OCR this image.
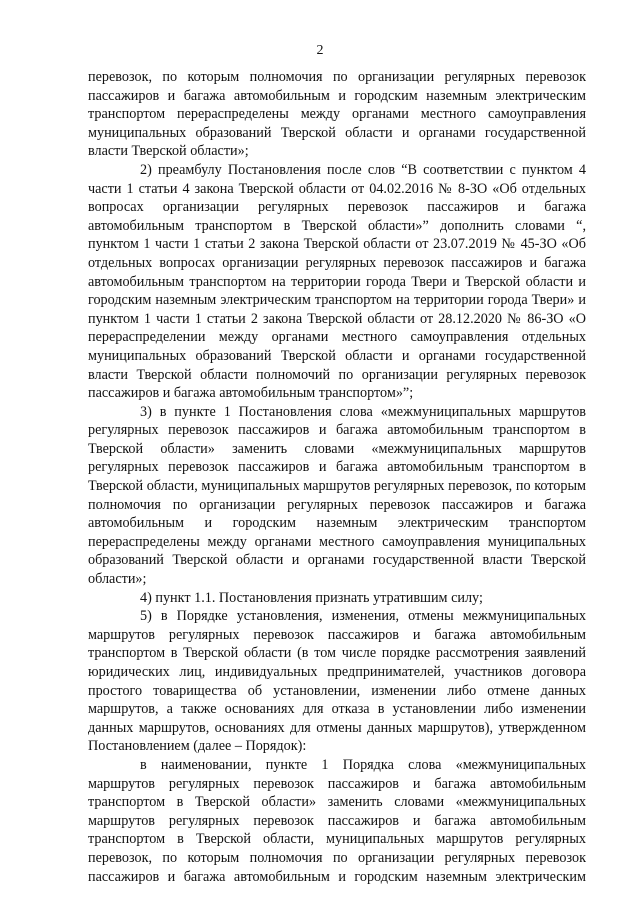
2

перевозок, по которым полномочия по организации регулярных перевозок пассажиров и багажа автомобильным и городским наземным электрическим транспортом перераспределены между органами местного самоуправления муниципальных образований Тверской области и органами государственной власти Тверской области»;

2) преамбулу Постановления после слов “В соответствии с пунктом 4 части 1 статьи 4 закона Тверской области от 04.02.2016 № 8-ЗО «Об отдельных вопросах организации регулярных перевозок пассажиров и багажа автомобильным транспортом в Тверской области»” дополнить словами “, пунктом 1 части 1 статьи 2 закона Тверской области от 23.07.2019 № 45-ЗО «Об отдельных вопросах организации регулярных перевозок пассажиров и багажа автомобильным транспортом на территории города Твери и Тверской области и городским наземным электрическим транспортом на территории города Твери» и пунктом 1 части 1 статьи 2 закона Тверской области от 28.12.2020 № 86-ЗО «О перераспределении между органами местного самоуправления отдельных муниципальных образований Тверской области и органами государственной власти Тверской области полномочий по организации регулярных перевозок пассажиров и багажа автомобильным транспортом»”;

3) в пункте 1 Постановления слова «межмуниципальных маршрутов регулярных перевозок пассажиров и багажа автомобильным транспортом в Тверской области» заменить словами «межмуниципальных маршрутов регулярных перевозок пассажиров и багажа автомобильным транспортом в Тверской области, муниципальных маршрутов регулярных перевозок, по которым полномочия по организации регулярных перевозок пассажиров и багажа автомобильным и городским наземным электрическим транспортом перераспределены между органами местного самоуправления муниципальных образований Тверской области и органами государственной власти Тверской области»;

4) пункт 1.1. Постановления признать утратившим силу;

5) в Порядке установления, изменения, отмены межмуниципальных маршрутов регулярных перевозок пассажиров и багажа автомобильным транспортом в Тверской области (в том числе порядке рассмотрения заявлений юридических лиц, индивидуальных предпринимателей, участников договора простого товарищества об установлении, изменении либо отмене данных маршрутов, а также основаниях для отказа в установлении либо изменении данных маршрутов, основаниях для отмены данных маршрутов), утвержденном Постановлением (далее – Порядок):

в наименовании, пункте 1 Порядка слова «межмуниципальных маршрутов регулярных перевозок пассажиров и багажа автомобильным транспортом в Тверской области» заменить словами «межмуниципальных маршрутов регулярных перевозок пассажиров и багажа автомобильным транспортом в Тверской области, муниципальных маршрутов регулярных перевозок, по которым полномочия по организации регулярных перевозок пассажиров и багажа автомобильным и городским наземным электрическим
